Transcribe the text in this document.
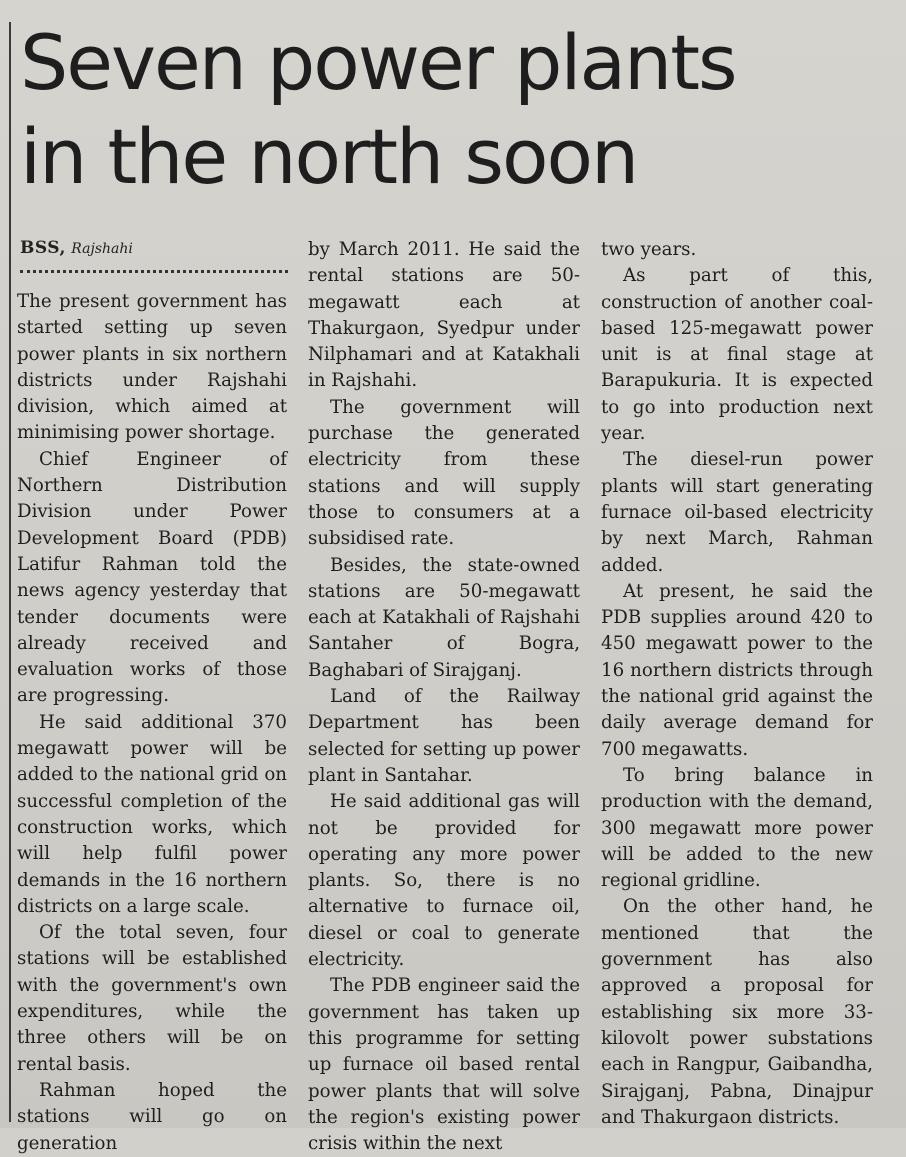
Seven power plants
in the north soon
BSS, Rajshahi

The present government has started setting up seven power plants in six northern districts under Rajshahi division, which aimed at minimising power shortage.

Chief Engineer of Northern Distribution Division under Power Development Board (PDB) Latifur Rahman told the news agency yesterday that tender documents were already received and evaluation works of those are progressing.

He said additional 370 megawatt power will be added to the national grid on successful completion of the construction works, which will help fulfil power demands in the 16 northern districts on a large scale.

Of the total seven, four stations will be established with the government's own expenditures, while the three others will be on rental basis.

Rahman hoped the stations will go on generation

by March 2011. He said the rental stations are 50-megawatt each at Thakurgaon, Syedpur under Nilphamari and at Katakhali in Rajshahi.

The government will purchase the generated electricity from these stations and will supply those to consumers at a subsidised rate.

Besides, the state-owned stations are 50-megawatt each at Katakhali of Rajshahi Santaher of Bogra, Baghabari of Sirajganj.

Land of the Railway Department has been selected for setting up power plant in Santahar.

He said additional gas will not be provided for operating any more power plants. So, there is no alternative to furnace oil, diesel or coal to generate electricity.

The PDB engineer said the government has taken up this programme for setting up furnace oil based rental power plants that will solve the region's existing power crisis within the next

two years.

As part of this, construction of another coal-based 125-megawatt power unit is at final stage at Barapukuria. It is expected to go into production next year.

The diesel-run power plants will start generating furnace oil-based electricity by next March, Rahman added.

At present, he said the PDB supplies around 420 to 450 megawatt power to the 16 northern districts through the national grid against the daily average demand for 700 megawatts.

To bring balance in production with the demand, 300 megawatt more power will be added to the new regional gridline.

On the other hand, he mentioned that the government has also approved a proposal for establishing six more 33-kilovolt power substations each in Rangpur, Gaibandha, Sirajganj, Pabna, Dinajpur and Thakurgaon districts.
